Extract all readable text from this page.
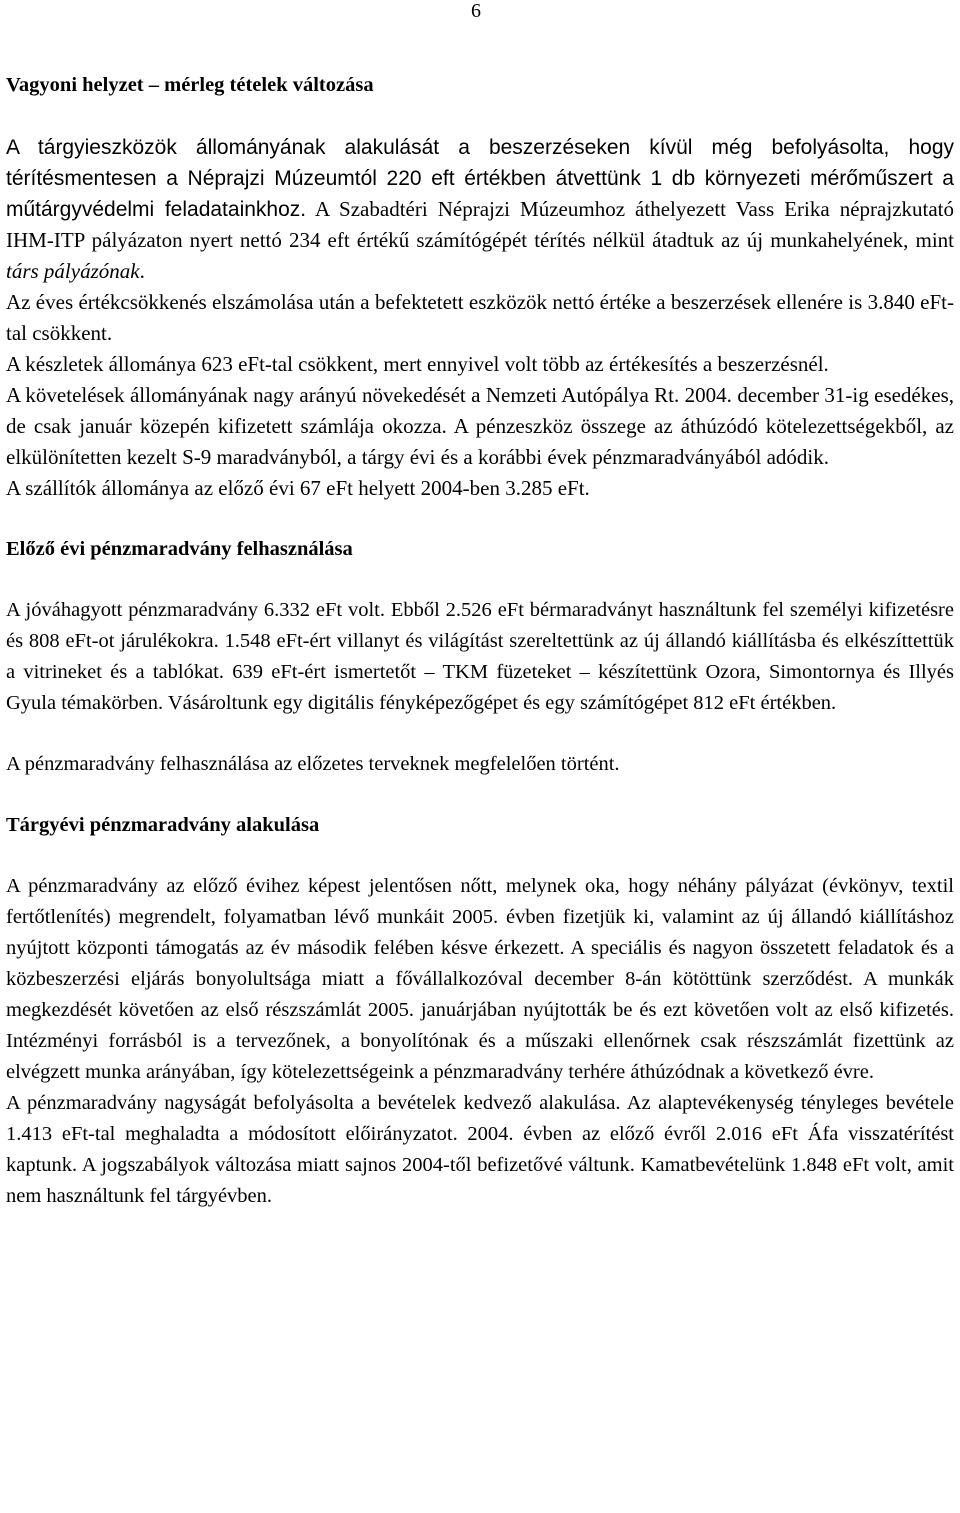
6
Vagyoni helyzet – mérleg tételek változása

A tárgyieszközök állományának alakulását a beszerzéseken kívül még befolyásolta, hogy térítésmentesen a Néprajzi Múzeumtól 220 eft értékben átvettünk 1 db környezeti mérőműszert a műtárgyvédelmi feladatainkhoz. A Szabadtéri Néprajzi Múzeumhoz áthelyezett Vass Erika néprajzkutató IHM-ITP pályázaton nyert nettó 234 eft értékű számítógépét térítés nélkül átadtuk az új munkahelyének, mint társ pályázónak.

Az éves értékcsökkenés elszámolása után a befektetett eszközök nettó értéke a beszerzések ellenére is 3.840 eFt-tal csökkent.

A készletek állománya 623 eFt-tal csökkent, mert ennyivel volt több az értékesítés a beszerzésnél.

A követelések állományának nagy arányú növekedését a Nemzeti Autópálya Rt. 2004. december 31-ig esedékes, de csak január közepén kifizetett számlája okozza. A pénzeszköz összege az áthúzódó kötelezettségekből, az elkülönítetten kezelt S-9 maradványból, a tárgy évi és a korábbi évek pénzmaradványából adódik.

A szállítók állománya az előző évi 67 eFt helyett 2004-ben 3.285 eFt.

Előző évi pénzmaradvány felhasználása

A jóváhagyott pénzmaradvány 6.332 eFt volt. Ebből 2.526 eFt bérmaradványt használtunk fel személyi kifizetésre és 808 eFt-ot járulékokra. 1.548 eFt-ért villanyt és világítást szereltettünk az új állandó kiállításba és elkészíttettük a vitrineket és a tablókat. 639 eFt-ért ismertetőt – TKM füzeteket – készítettünk Ozora, Simontornya és Illyés Gyula témakörben. Vásároltunk egy digitális fényképezőgépet és egy számítógépet 812 eFt értékben.

A pénzmaradvány felhasználása az előzetes terveknek megfelelően történt.

Tárgyévi pénzmaradvány alakulása

A pénzmaradvány az előző évihez képest jelentősen nőtt, melynek oka, hogy néhány pályázat (évkönyv, textil fertőtlenítés) megrendelt, folyamatban lévő munkáit 2005. évben fizetjük ki, valamint az új állandó kiállításhoz nyújtott központi támogatás az év második felében késve érkezett. A speciális és nagyon összetett feladatok és a közbeszerzési eljárás bonyolultsága miatt a fővállalkozóval december 8-án kötöttünk szerződést. A munkák megkezdését követően az első részszámlát 2005. januárjában nyújtották be és ezt követően volt az első kifizetés. Intézményi forrásból is a tervezőnek, a bonyolítónak és a műszaki ellenőrnek csak részszámlát fizettünk az elvégzett munka arányában, így kötelezettségeink a pénzmaradvány terhére áthúzódnak a következő évre.

A pénzmaradvány nagyságát befolyásolta a bevételek kedvező alakulása. Az alaptevékenység tényleges bevétele 1.413 eFt-tal meghaladta a módosított előirányzatot. 2004. évben az előző évről 2.016 eFt Áfa visszatérítést kaptunk. A jogszabályok változása miatt sajnos 2004-től befizetővé váltunk. Kamatbevételünk 1.848 eFt volt, amit nem használtunk fel tárgyévben.
